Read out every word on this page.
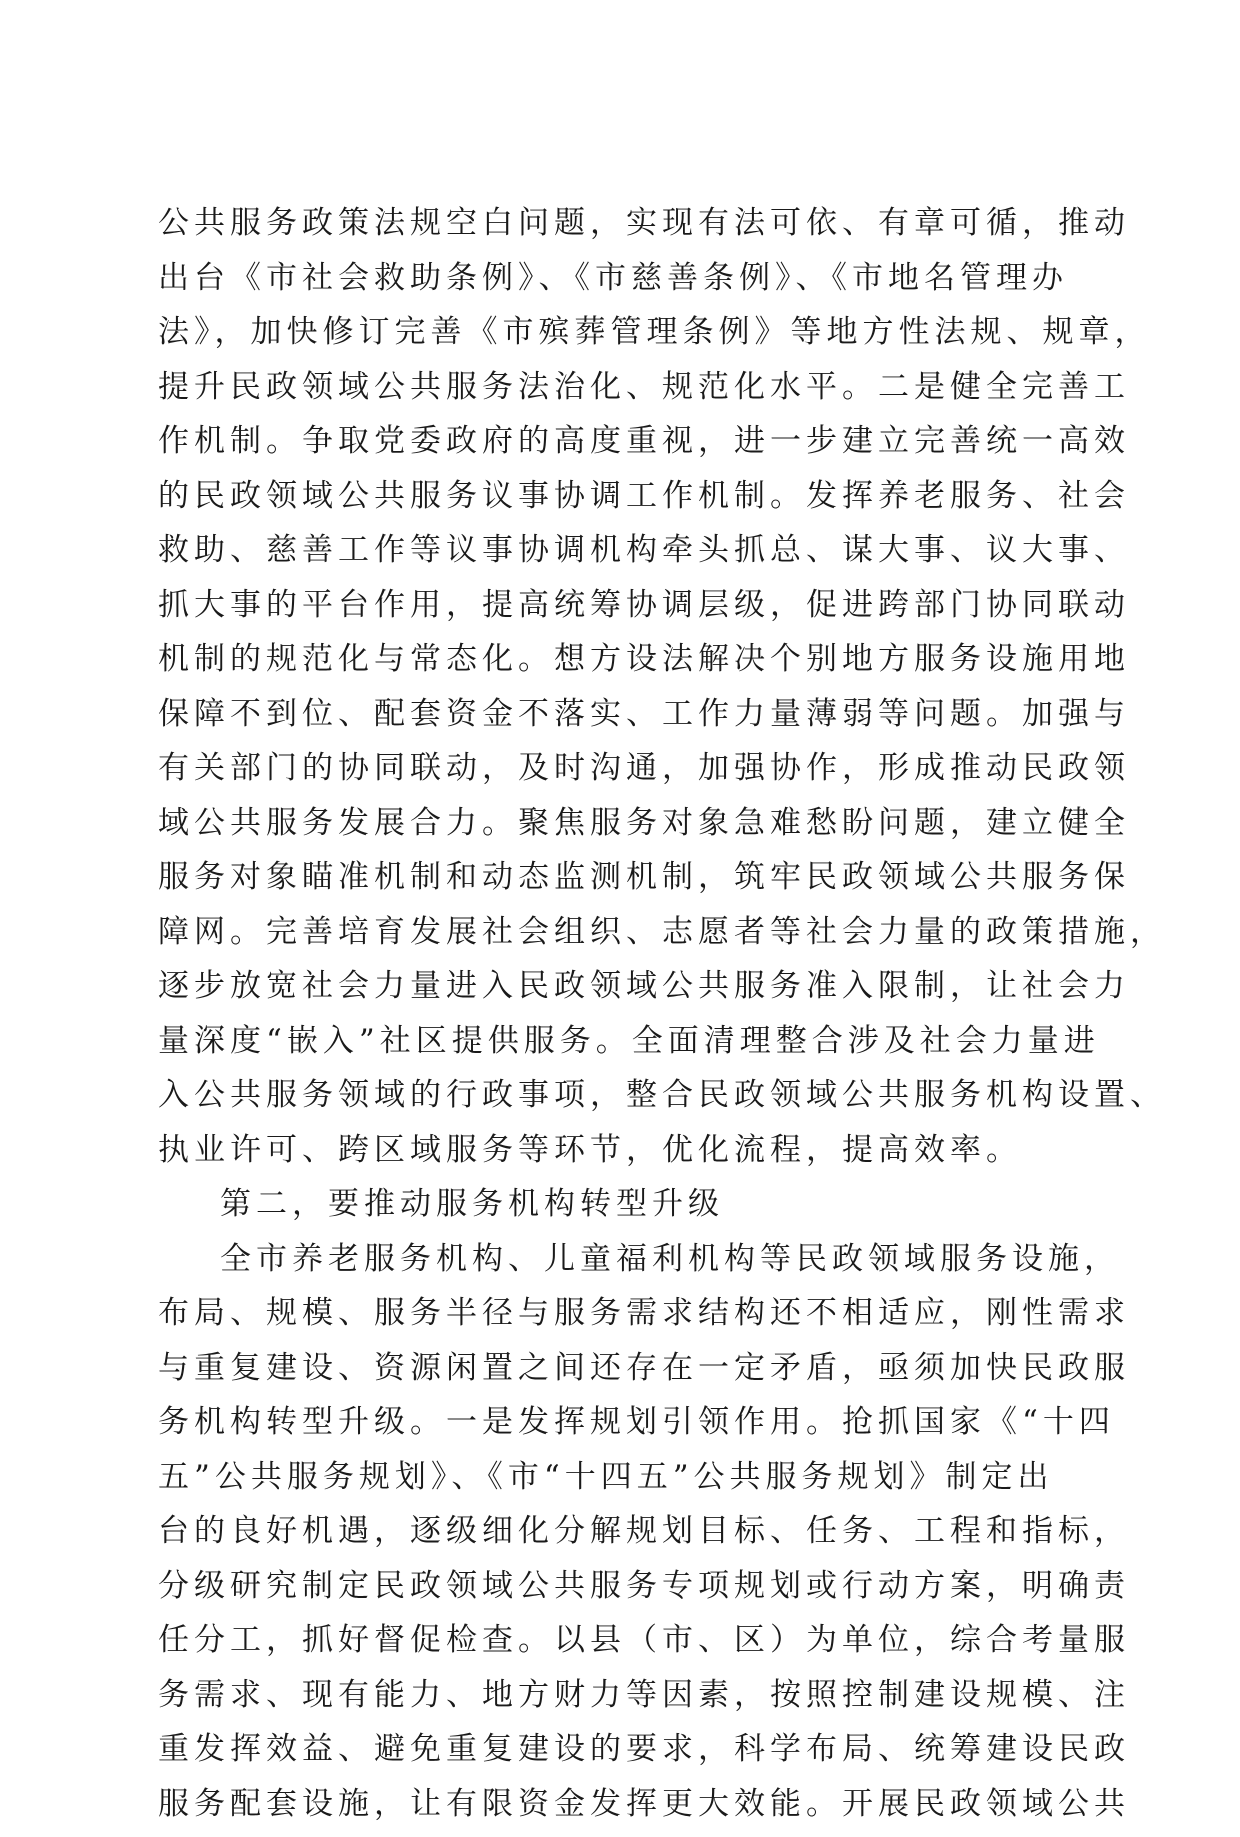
公共服务政策法规空白问题，实现有法可依、有章可循，推动
出台《市社会救助条例》、《市慈善条例》、《市地名管理办
法》，加快修订完善《市殡葬管理条例》等地方性法规、规章，
提升民政领域公共服务法治化、规范化水平。二是健全完善工
作机制。争取党委政府的高度重视，进一步建立完善统一高效
的民政领域公共服务议事协调工作机制。发挥养老服务、社会
救助、慈善工作等议事协调机构牵头抓总、谋大事、议大事、
抓大事的平台作用，提高统筹协调层级，促进跨部门协同联动
机制的规范化与常态化。想方设法解决个别地方服务设施用地
保障不到位、配套资金不落实、工作力量薄弱等问题。加强与
有关部门的协同联动，及时沟通，加强协作，形成推动民政领
域公共服务发展合力。聚焦服务对象急难愁盼问题，建立健全
服务对象瞄准机制和动态监测机制，筑牢民政领域公共服务保
障网。完善培育发展社会组织、志愿者等社会力量的政策措施，
逐步放宽社会力量进入民政领域公共服务准入限制，让社会力
量深度“嵌入”社区提供服务。全面清理整合涉及社会力量进
入公共服务领域的行政事项，整合民政领域公共服务机构设置、
执业许可、跨区域服务等环节，优化流程，提高效率。
第二，要推动服务机构转型升级
全市养老服务机构、儿童福利机构等民政领域服务设施，
布局、规模、服务半径与服务需求结构还不相适应，刚性需求
与重复建设、资源闲置之间还存在一定矛盾，亟须加快民政服
务机构转型升级。一是发挥规划引领作用。抢抓国家《“十四
五”公共服务规划》、《市“十四五”公共服务规划》制定出
台的良好机遇，逐级细化分解规划目标、任务、工程和指标，
分级研究制定民政领域公共服务专项规划或行动方案，明确责
任分工，抓好督促检查。以县（市、区）为单位，综合考量服
务需求、现有能力、地方财力等因素，按照控制建设规模、注
重发挥效益、避免重复建设的要求，科学布局、统筹建设民政
服务配套设施，让有限资金发挥更大效能。开展民政领域公共
